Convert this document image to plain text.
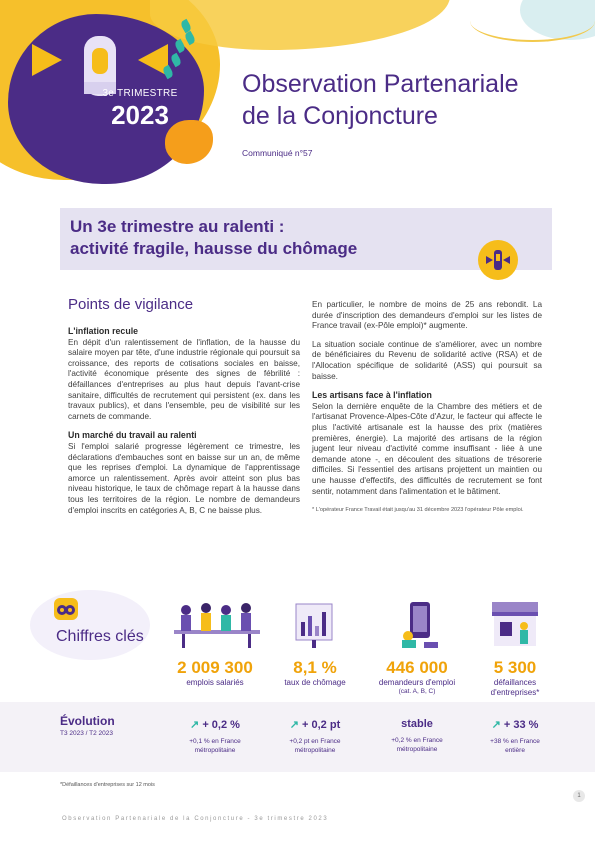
3e TRIMESTRE
2023
Observation Partenariale
de la Conjoncture
Communiqué n°57
Un 3e trimestre au ralenti :
activité fragile, hausse du chômage
Points de vigilance
L'inflation recule
En dépit d'un ralentissement de l'inflation, de la hausse du salaire moyen par tête, d'une industrie régionale qui poursuit sa croissance, des reports de cotisations sociales en baisse, l'activité économique présente des signes de fébrilité : défaillances d'entreprises au plus haut depuis l'avant-crise sanitaire, difficultés de recrutement qui persistent (ex. dans les travaux publics), et dans l'ensemble, peu de visibilité sur les carnets de commande.
Un marché du travail au ralenti
Si l'emploi salarié progresse légèrement ce trimestre, les déclarations d'embauches sont en baisse sur un an, de même que les reprises d'emploi. La dynamique de l'apprentissage amorce un ralentissement. Après avoir atteint son plus bas niveau historique, le taux de chômage repart à la hausse dans tous les territoires de la région. Le nombre de demandeurs d'emploi inscrits en catégories A, B, C ne baisse plus.
En particulier, le nombre de moins de 25 ans rebondit. La durée d'inscription des demandeurs d'emploi sur les listes de France travail (ex-Pôle emploi)* augmente.
La situation sociale continue de s'améliorer, avec un nombre de bénéficiaires du Revenu de solidarité active (RSA) et de l'Allocation spécifique de solidarité (ASS) qui poursuit sa baisse.
Les artisans face à l'inflation
Selon la dernière enquête de la Chambre des métiers et de l'artisanat Provence-Alpes-Côte d'Azur, le facteur qui affecte le plus l'activité artisanale est la hausse des prix (matières premières, énergie). La majorité des artisans de la région jugent leur niveau d'activité comme insuffisant - liée à une demande atone -, en découlent des situations de trésorerie difficiles. Si l'essentiel des artisans projettent un maintien ou une hausse d'effectifs, des difficultés de recrutement se font sentir, notamment dans l'alimentation et le bâtiment.
* L'opérateur France Travail était jusqu'au 31 décembre 2023 l'opérateur Pôle emploi.
Chiffres clés
2 009 300
emplois salariés
8,1 %
taux de chômage
446 000
demandeurs d'emploi
(cat. A, B, C)
5 300
défaillances
d'entreprises*
Évolution
T3 2023 / T2 2023
↗ + 0,2 %
+0,1 % en France
métropolitaine
↗ + 0,2 pt
+0,2 pt en France
métropolitaine
stable
+0,2 % en France
métropolitaine
↗ + 33 %
+38 % en France
entière
*Défaillances d'entreprises sur 12 mois
1
Observation Partenariale de la Conjoncture - 3e trimestre 2023
